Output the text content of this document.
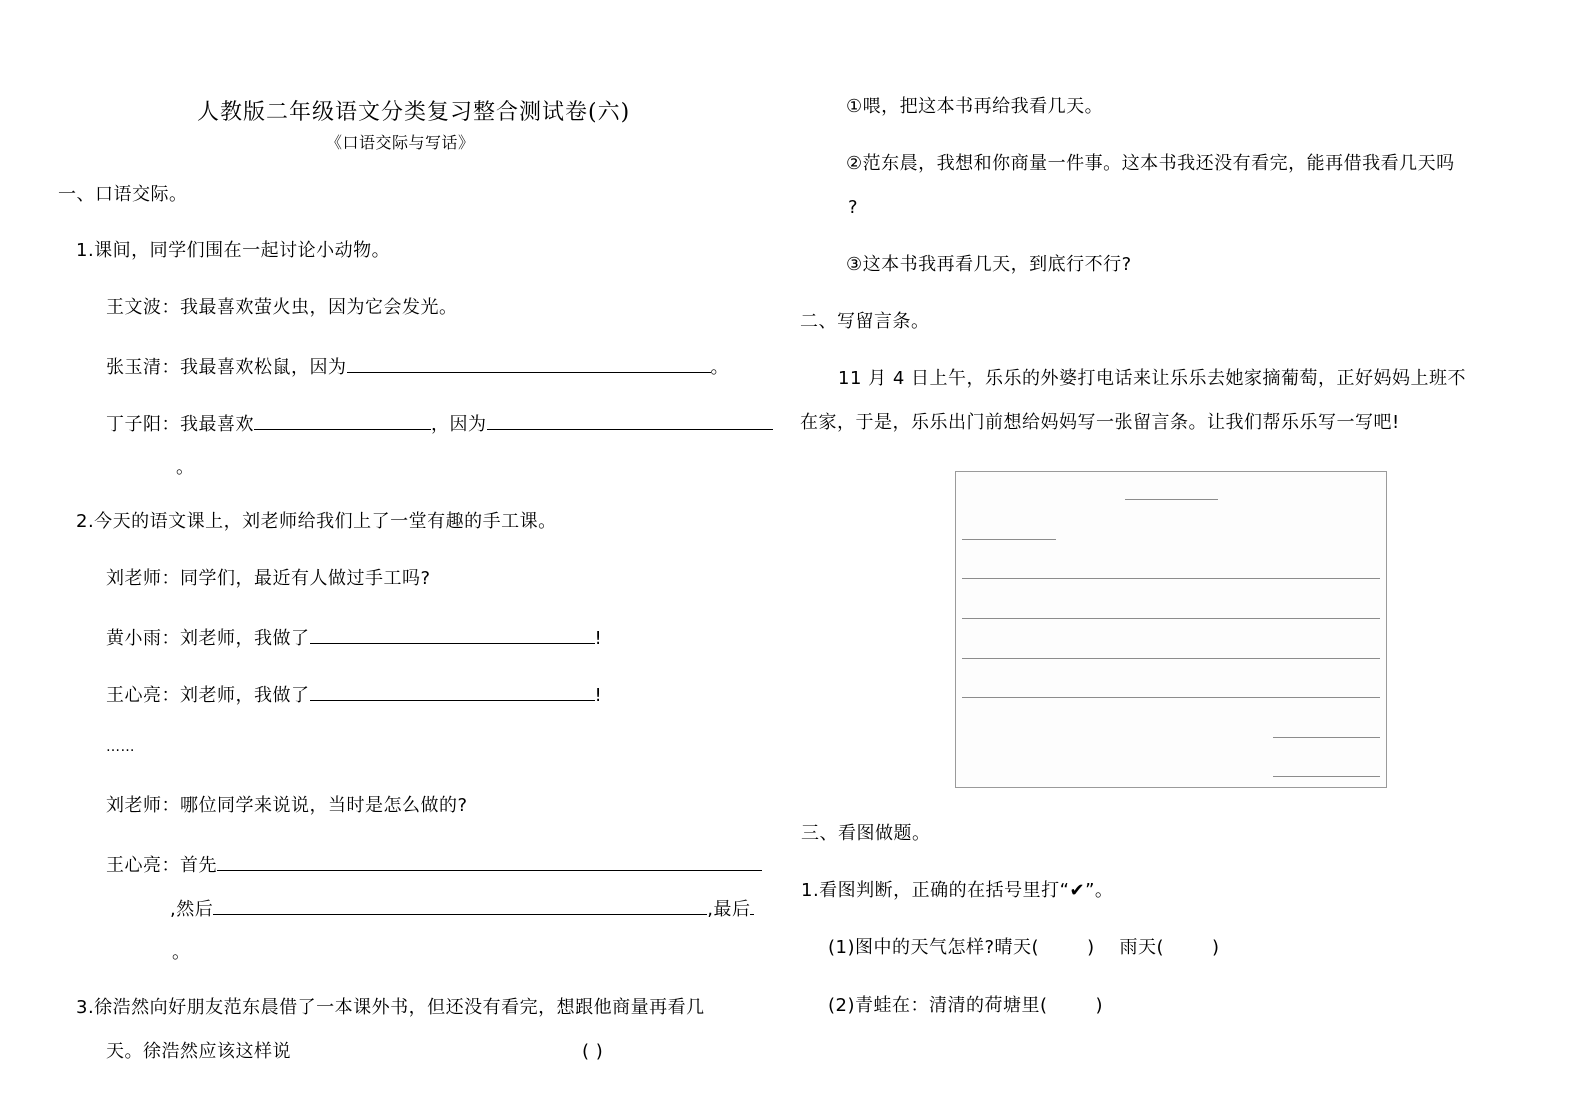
人教版二年级语文分类复习整合测试卷(六)
《口语交际与写话》
一、口语交际。
1.课间，同学们围在一起讨论小动物。
王文波：我最喜欢萤火虫，因为它会发光。
张玉清：我最喜欢松鼠，因为	。
丁子阳：我最喜欢	，因为
。
2.今天的语文课上，刘老师给我们上了一堂有趣的手工课。
刘老师：同学们，最近有人做过手工吗?
黄小雨：刘老师，我做了	!
王心亮：刘老师，我做了	!
……
刘老师：哪位同学来说说，当时是怎么做的?
王心亮：首先
,然后	,最后
。
3.徐浩然向好朋友范东晨借了一本课外书，但还没有看完，想跟他商量再看几
天。徐浩然应该这样说	( )
①喂，把这本书再给我看几天。
②范东晨，我想和你商量一件事。这本书我还没有看完，能再借我看几天吗
?
③这本书我再看几天，到底行不行?
二、写留言条。
11 月 4 日上午，乐乐的外婆打电话来让乐乐去她家摘葡萄，正好妈妈上班不
在家，于是，乐乐出门前想给妈妈写一张留言条。让我们帮乐乐写一写吧!
三、看图做题。
1.看图判断，正确的在括号里打“✔”。
(1)图中的天气怎样?晴天(	)    雨天(	)
(2)青蛙在：清清的荷塘里(	)
